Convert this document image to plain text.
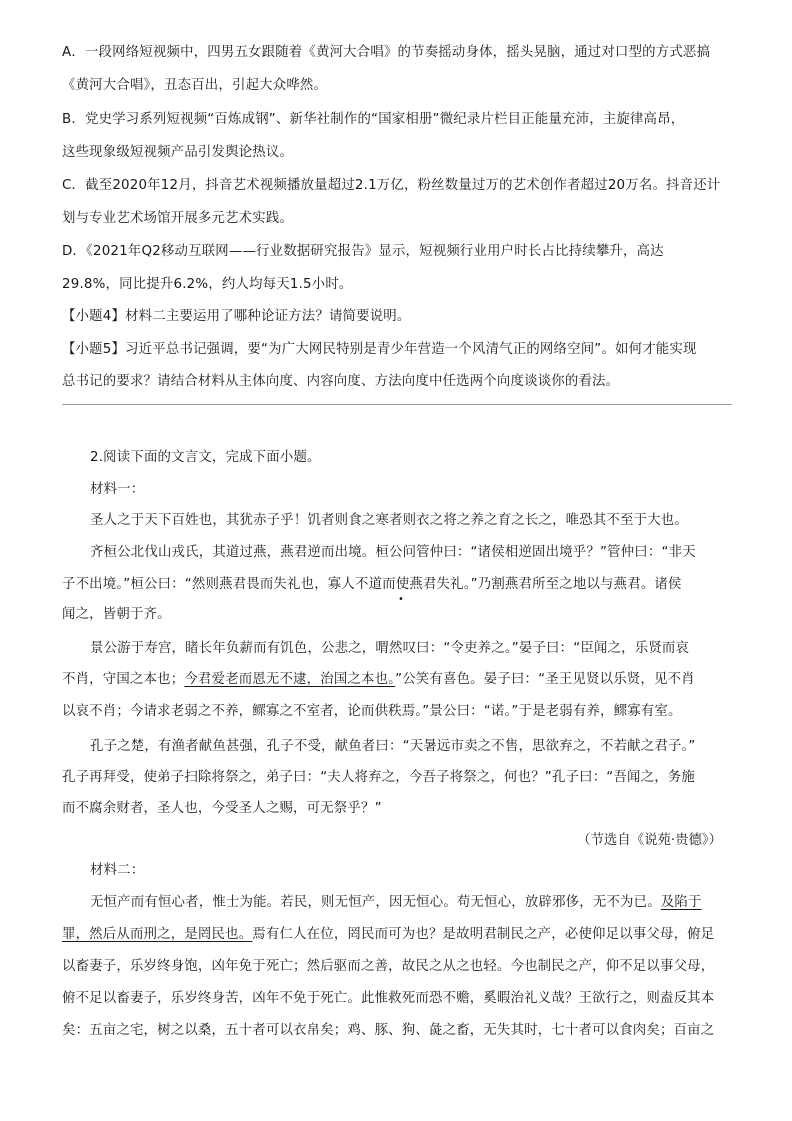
A．一段网络短视频中，四男五女跟随着《黄河大合唱》的节奏摇动身体，摇头晃脑，通过对口型的方式恶搞
《黄河大合唱》，丑态百出，引起大众哗然。
B．党史学习系列短视频“百炼成钢”、新华社制作的“国家相册”微纪录片栏目正能量充沛，主旋律高昂，
这些现象级短视频产品引发舆论热议。
C．截至2020年12月，抖音艺术视频播放量超过2.1万亿，粉丝数量过万的艺术创作者超过20万名。抖音还计
划与专业艺术场馆开展多元艺术实践。
D．《2021年Q2移动互联网——行业数据研究报告》显示，短视频行业用户时长占比持续攀升，高达
29.8%，同比提升6.2%，约人均每天1.5小时。
【小题4】材料二主要运用了哪种论证方法？请简要说明。
【小题5】习近平总书记强调，要“为广大网民特别是青少年营造一个风清气正的网络空间”。如何才能实现
总书记的要求？请结合材料从主体向度、内容向度、方法向度中任选两个向度谈谈你的看法。
2.阅读下面的文言文，完成下面小题。
材料一：
圣人之于天下百姓也，其犹赤子乎！饥者则食之寒者则衣之将之养之育之长之，唯恐其不至于大也。
齐桓公北伐山戎氏，其道过燕，燕君逆而出境。桓公问管仲曰：“诸侯相逆固出境乎？”管仲曰：“非天
子不出境。”桓公曰：“然则燕君畏而失礼也，寡人不道而使燕君失礼。”乃割燕君所至之地以与燕君。诸侯
•
闻之，皆朝于齐。
景公游于寿宫，睹长年负薪而有饥色，公悲之，喟然叹曰：“令吏养之。”晏子曰：“臣闻之，乐贤而哀
不肖，守国之本也；今君爱老而恩无不逮，治国之本也。”公笑有喜色。晏子曰：“圣王见贤以乐贤，见不肖
以哀不肖；今请求老弱之不养，鳏寡之不室者，论而供秩焉。”景公曰：“诺。”于是老弱有养，鳏寡有室。
孔子之楚，有渔者献鱼甚强，孔子不受，献鱼者曰：“天暑远市卖之不售，思欲弃之，不若献之君子。”
孔子再拜受，使弟子扫除将祭之，弟子曰：“夫人将弃之，今吾子将祭之，何也？”孔子曰：“吾闻之，务施
而不腐余财者，圣人也，今受圣人之赐，可无祭乎？”
（节选自《说苑·贵德》）
材料二：
无恒产而有恒心者，惟士为能。若民，则无恒产，因无恒心。苟无恒心，放辟邪侈，无不为已。及陷于
罪，然后从而刑之，是罔民也。焉有仁人在位，罔民而可为也？是故明君制民之产，必使仰足以事父母，俯足
以畜妻子，乐岁终身饱，凶年免于死亡；然后驱而之善，故民之从之也轻。今也制民之产，仰不足以事父母，
俯不足以畜妻子，乐岁终身苦，凶年不免于死亡。此惟救死而恐不赡，奚暇治礼义哉？王欲行之，则盍反其本
矣：五亩之宅，树之以桑，五十者可以衣帛矣；鸡、豚、狗、彘之畜，无失其时，七十者可以食肉矣；百亩之
